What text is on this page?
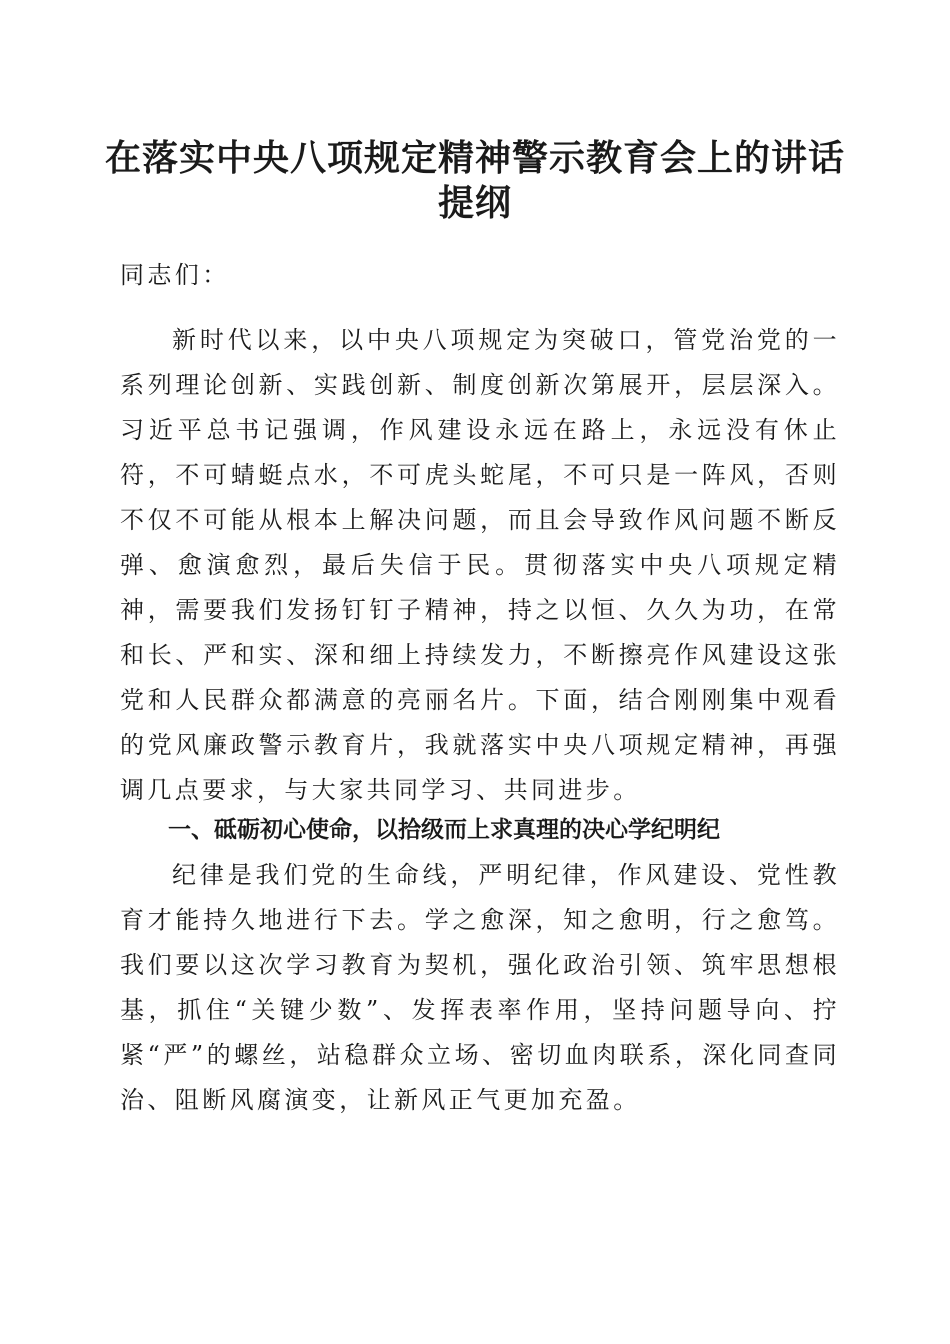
在落实中央八项规定精神警示教育会上的讲话
提纲

同志们：

新时代以来，以中央八项规定为突破口，管党治党的一系列理论创新、实践创新、制度创新次第展开，层层深入。习近平总书记强调，作风建设永远在路上，永远没有休止符，不可蜻蜓点水，不可虎头蛇尾，不可只是一阵风，否则不仅不可能从根本上解决问题，而且会导致作风问题不断反弹、愈演愈烈，最后失信于民。贯彻落实中央八项规定精神，需要我们发扬钉钉子精神，持之以恒、久久为功，在常和长、严和实、深和细上持续发力，不断擦亮作风建设这张党和人民群众都满意的亮丽名片。下面，结合刚刚集中观看的党风廉政警示教育片，我就落实中央八项规定精神，再强调几点要求，与大家共同学习、共同进步。

一、砥砺初心使命，以拾级而上求真理的决心学纪明纪

纪律是我们党的生命线，严明纪律，作风建设、党性教育才能持久地进行下去。学之愈深，知之愈明，行之愈笃。我们要以这次学习教育为契机，强化政治引领、筑牢思想根基，抓住“关键少数”、发挥表率作用，坚持问题导向、拧紧“严”的螺丝，站稳群众立场、密切血肉联系，深化同查同治、阻断风腐演变，让新风正气更加充盈。
